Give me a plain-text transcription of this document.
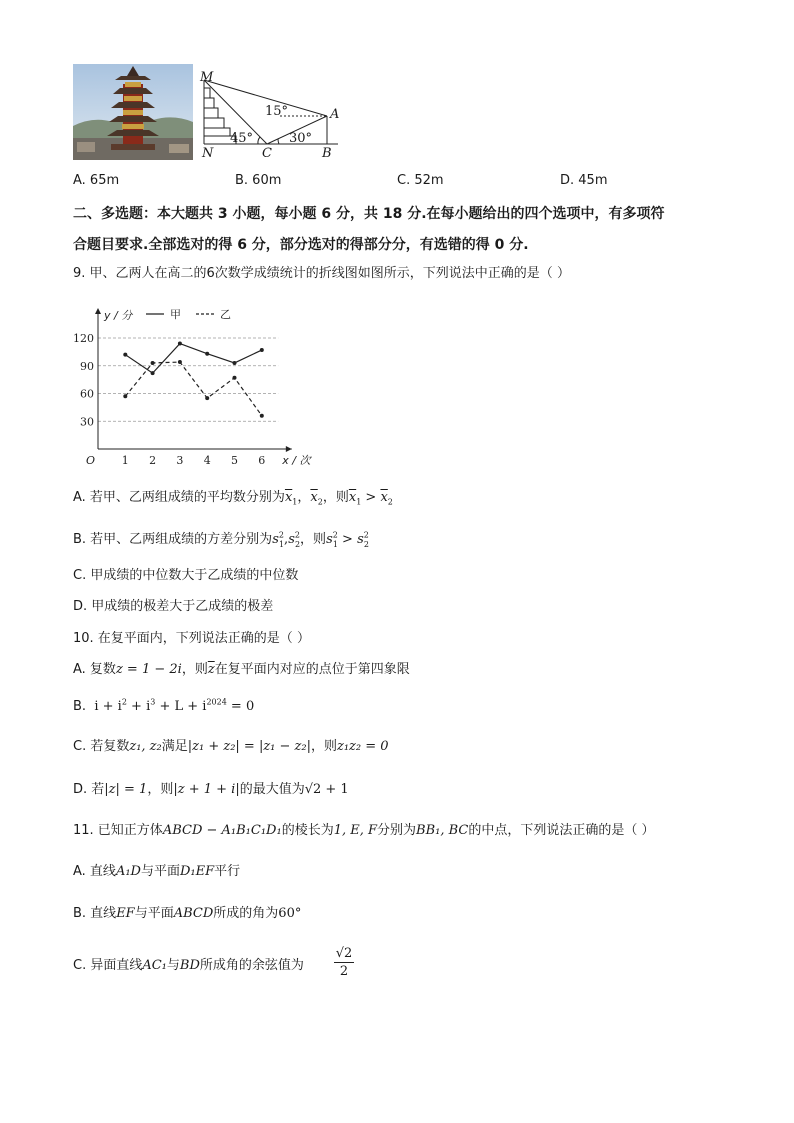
M
15°	A
45°	30°
N	C	B
A. 65m	B. 60m	C. 52m	D. 45m
二、多选题：本大题共 3 小题，每小题 6 分，共 18 分.在每小题给出的四个选项中，有多项符
合题目要求.全部选对的得 6 分，部分选对的得部分分，有选错的得 0 分.
9. 甲、乙两人在高二的6次数学成绩统计的折线图如图所示，下列说法中正确的是（ ）
30
60
90
120
1 2 3 4 5 6
O	x / 次
y / 分	甲	乙
A. 若甲、乙两组成绩的平均数分别为$\overline{x}_1$，$\overline{x}_2$，则$\overline{x}_1 > \overline{x}_2$
B. 若甲、乙两组成绩的方差分别为$s^2_1,s^2_2$，则$s^2_1 > s^2_2$
C. 甲成绩的中位数大于乙成绩的中位数
D. 甲成绩的极差大于乙成绩的极差
10. 在复平面内，下列说法正确的是（ ）
A. 复数z = 1 − 2i，则$\overline{z}$在复平面内对应的点位于第四象限
B. $i + i^2 + i^3 + L + i^{2024} = 0$
C. 若复数z₁, z₂满足|z₁ + z₂| = |z₁ − z₂|，则z₁z₂ = 0
D. 若|z| = 1，则|z + 1 + i|的最大值为√2 + 1
11. 已知正方体ABCD − A₁B₁C₁D₁的棱长为1, E, F分别为BB₁, BC的中点，下列说法正确的是（ ）
A. 直线A₁D与平面D₁EF平行
B. 直线EF与平面ABCD所成的角为60°
C. 异面直线AC₁与BD所成角的余弦值为
√2
2
